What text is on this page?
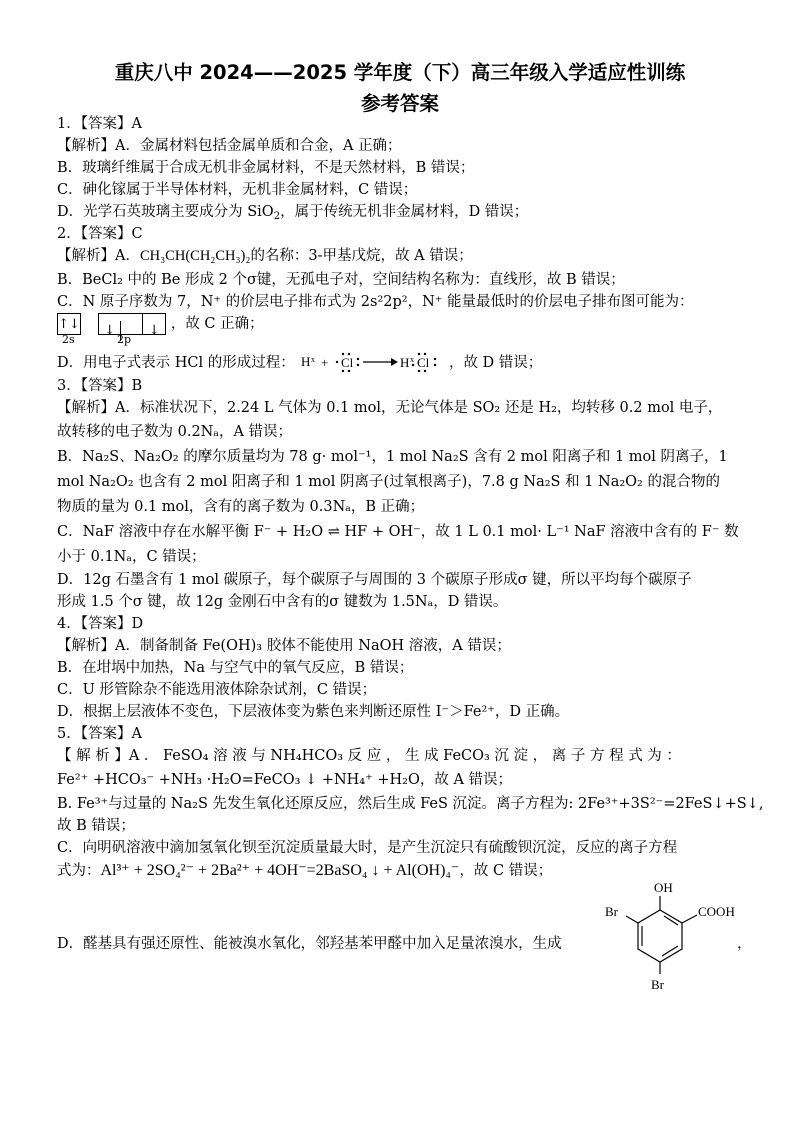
重庆八中 2024——2025 学年度（下）高三年级入学适应性训练
参考答案
1．【答案】A
【解析】A．金属材料包括金属单质和合金，A 正确；
B．玻璃纤维属于合成无机非金属材料，不是天然材料，B 错误；
C．砷化镓属于半导体材料，无机非金属材料，C 错误；
D．光学石英玻璃主要成分为 SiO$_2$，属于传统无机非金属材料，D 错误；
2．【答案】C
【解析】A．CH₃CH(CH₂CH₃)₂的名称：3-甲基戊烷，故 A 错误；
B．BeCl₂ 中的 Be 形成 2 个σ键，无孤电子对，空间结构名称为：直线形，故 B 错误；
C．N 原子序数为 7，N⁺ 的价层电子排布式为 2s²2p²，N⁺ 能量最低时的价层电子排布图可能为：
↑↓ ↓	↓ ，故 C 正确；
2s	2p
D．用电子式表示 HCl 的形成过程： H x + Cl	H x Cl ，故 D 错误；
3．【答案】B
【解析】A．标准状况下，2.24 L 气体为 0.1 mol，无论气体是 SO₂ 还是 H₂，均转移 0.2 mol 电子，
故转移的电子数为 0.2Nₐ，A 错误；
B．Na₂S、Na₂O₂ 的摩尔质量均为 78 g· mol⁻¹，1 mol Na₂S 含有 2 mol 阳离子和 1 mol 阴离子，1
mol Na₂O₂ 也含有 2 mol 阳离子和 1 mol 阴离子(过氧根离子)，7.8 g Na₂S 和 1 Na₂O₂ 的混合物的
物质的量为 0.1 mol，含有的离子数为 0.3Nₐ，B 正确；
C．NaF 溶液中存在水解平衡 F⁻ + H₂O ⇌ HF + OH⁻，故 1 L 0.1 mol· L⁻¹ NaF 溶液中含有的 F⁻ 数
小于 0.1Nₐ，C 错误；
D．12g 石墨含有 1 mol 碳原子，每个碳原子与周围的 3 个碳原子形成σ 键，所以平均每个碳原子
形成 1.5 个σ 键，故 12g 金刚石中含有的σ 键数为 1.5Nₐ，D 错误。
4．【答案】D
【解析】A．制备制备 Fe(OH)₃ 胶体不能使用 NaOH 溶液，A 错误；
B．在坩埚中加热，Na 与空气中的氧气反应，B 错误；
C．U 形管除杂不能选用液体除杂试剂，C 错误；
D．根据上层液体不变色，下层液体变为紫色来判断还原性 I⁻＞Fe²⁺，D 正确。
5．【答案】A
【 解 析 】A ． FeSO₄ 溶 液 与 NH₄HCO₃ 反 应 ， 生 成 FeCO₃ 沉 淀 ， 离 子 方 程 式 为 ：
Fe²⁺ +HCO₃⁻ +NH₃ ·H₂O=FeCO₃ ↓ +NH₄⁺ +H₂O，故 A 错误；
B. Fe³⁺与过量的 Na₂S 先发生氧化还原反应，然后生成 FeS 沉淀。离子方程为: 2Fe³⁺+3S²⁻=2FeS↓+S↓,
故 B 错误；
C．向明矾溶液中滴加氢氧化钡至沉淀质量最大时，是产生沉淀只有硫酸钡沉淀，反应的离子方程
式为：Al³⁺ + 2SO₄²⁻ + 2Ba²⁺ + 4OH⁻=2BaSO₄ ↓ + Al(OH)₄⁻，故 C 错误；
D．醛基具有强还原性、能被溴水氧化，邻羟基苯甲醛中加入足量浓溴水，生成	，
OH
Br	COOH
Br
